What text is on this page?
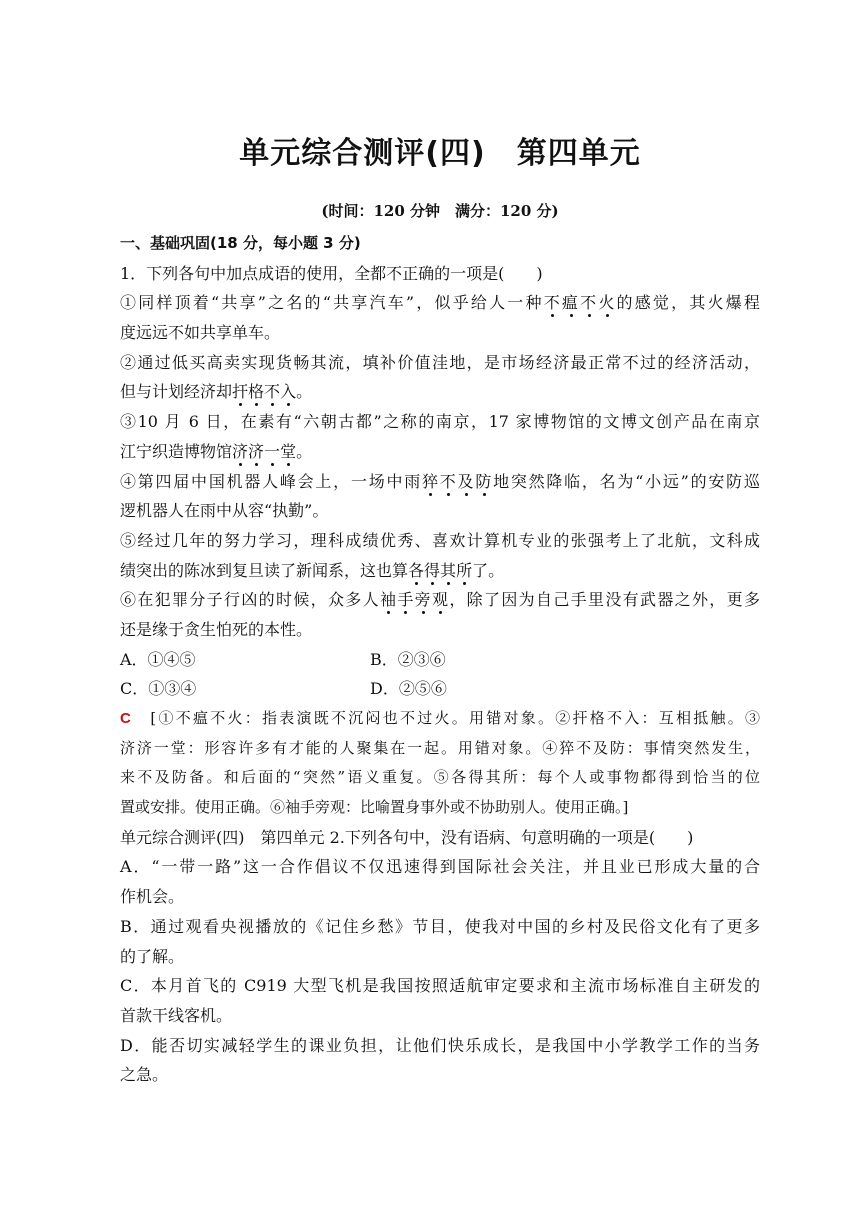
单元综合测评(四)　第四单元
(时间：120 分钟　满分：120 分)
一、基础巩固(18 分，每小题 3 分)
1．下列各句中加点成语的使用，全都不正确的一项是(　　)
①同样顶着“共享”之名的“共享汽车”，似乎给人一种不瘟不火的感觉，其火爆程
度远远不如共享单车。
②通过低买高卖实现货畅其流，填补价值洼地，是市场经济最正常不过的经济活动，
但与计划经济却扞格不入。
③10 月 6 日，在素有“六朝古都”之称的南京，17 家博物馆的文博文创产品在南京
江宁织造博物馆济济一堂。
④第四届中国机器人峰会上，一场中雨猝不及防地突然降临，名为“小远”的安防巡
逻机器人在雨中从容“执勤”。
⑤经过几年的努力学习，理科成绩优秀、喜欢计算机专业的张强考上了北航，文科成
绩突出的陈冰到复旦读了新闻系，这也算各得其所了。
⑥在犯罪分子行凶的时候，众多人袖手旁观，除了因为自己手里没有武器之外，更多
还是缘于贪生怕死的本性。
A．①④⑤	B．②③⑥
C．①③④	D．②⑤⑥
C　 [①不瘟不火：指表演既不沉闷也不过火。用错对象。②扞格不入：互相抵触。③
济济一堂：形容许多有才能的人聚集在一起。用错对象。④猝不及防：事情突然发生，
来不及防备。和后面的“突然”语义重复。⑤各得其所：每个人或事物都得到恰当的位
置或安排。使用正确。⑥袖手旁观：比喻置身事外或不协助别人。使用正确。]
单元综合测评(四)　第四单元 2.下列各句中，没有语病、句意明确的一项是(　　)
A．“一带一路”这一合作倡议不仅迅速得到国际社会关注，并且业已形成大量的合
作机会。
B．通过观看央视播放的《记住乡愁》节目，使我对中国的乡村及民俗文化有了更多
的了解。
C．本月首飞的 C919 大型飞机是我国按照适航审定要求和主流市场标准自主研发的
首款干线客机。
D．能否切实减轻学生的课业负担，让他们快乐成长，是我国中小学教学工作的当务
之急。
